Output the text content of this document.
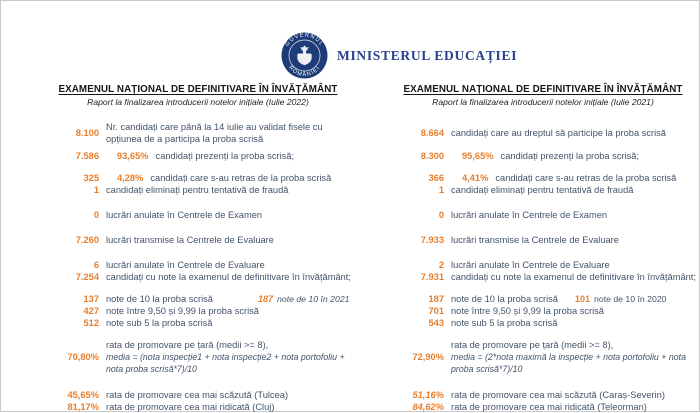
GUVERNUL
ROMÂNIEI
MINISTERUL EDUCAȚIEI
EXAMENUL NAȚIONAL DE DEFINITIVARE ÎN ÎNVĂȚĂMÂNT
Raport la finalizarea introducerii notelor inițiale (Iulie 2022)
8.100
Nr. candidați care până la 14 iulie au validat fisele cu opțiunea de a participa la proba scrisă
7.586 93,65% candidați prezenți la proba scrisă;
325 4,28% candidați care s-au retras de la proba scrisă
1 candidați eliminați pentru tentativă de fraudă
0 lucrări anulate în Centrele de Examen
7.260 lucrări transmise la Centrele de Evaluare
6 lucrări anulate în Centrele de Evaluare
7.254 candidați cu note la examenul de definitivare în învățământ;
137 note de 10 la proba scrisă	187 note de 10 în 2021
427 note între 9,50 și 9,99 la proba scrisă
512 note sub 5 la proba scrisă
70,80%
rata de promovare pe țară (medii >= 8),
media = (nota inspecție1 + nota inspecție2 + nota portofoliu + nota proba scrisă*7)/10
45,65% rata de promovare cea mai scăzută (Tulcea)
81,17% rata de promovare cea mai ridicată (Cluj)
EXAMENUL NAȚIONAL DE DEFINITIVARE ÎN ÎNVĂȚĂMÂNT
Raport la finalizarea introducerii notelor inițiale (Iulie 2021)
8.664 candidați care au dreptul să participe la proba scrisă
8.300 95,65% candidați prezenți la proba scrisă;
366 4,41% candidați care s-au retras de la proba scrisă
1 candidați eliminați pentru tentativă de fraudă
0 lucrări anulate în Centrele de Examen
7.933 lucrări transmise la Centrele de Evaluare
2 lucrări anulate în Centrele de Evaluare
7.931 candidați cu note la examenul de definitivare în învățământ;
187 note de 10 la proba scrisă 101 note de 10 în 2020
701 note între 9,50 și 9,99 la proba scrisă
543 note sub 5 la proba scrisă
72,90%
rata de promovare pe țară (medii >= 8),
media = (2*nota maximă la inspecție + nota portofoliu + nota proba scrisă*7)/10
51,16% rata de promovare cea mai scăzută (Caraș-Severin)
84,62% rata de promovare cea mai ridicată (Teleorman)
